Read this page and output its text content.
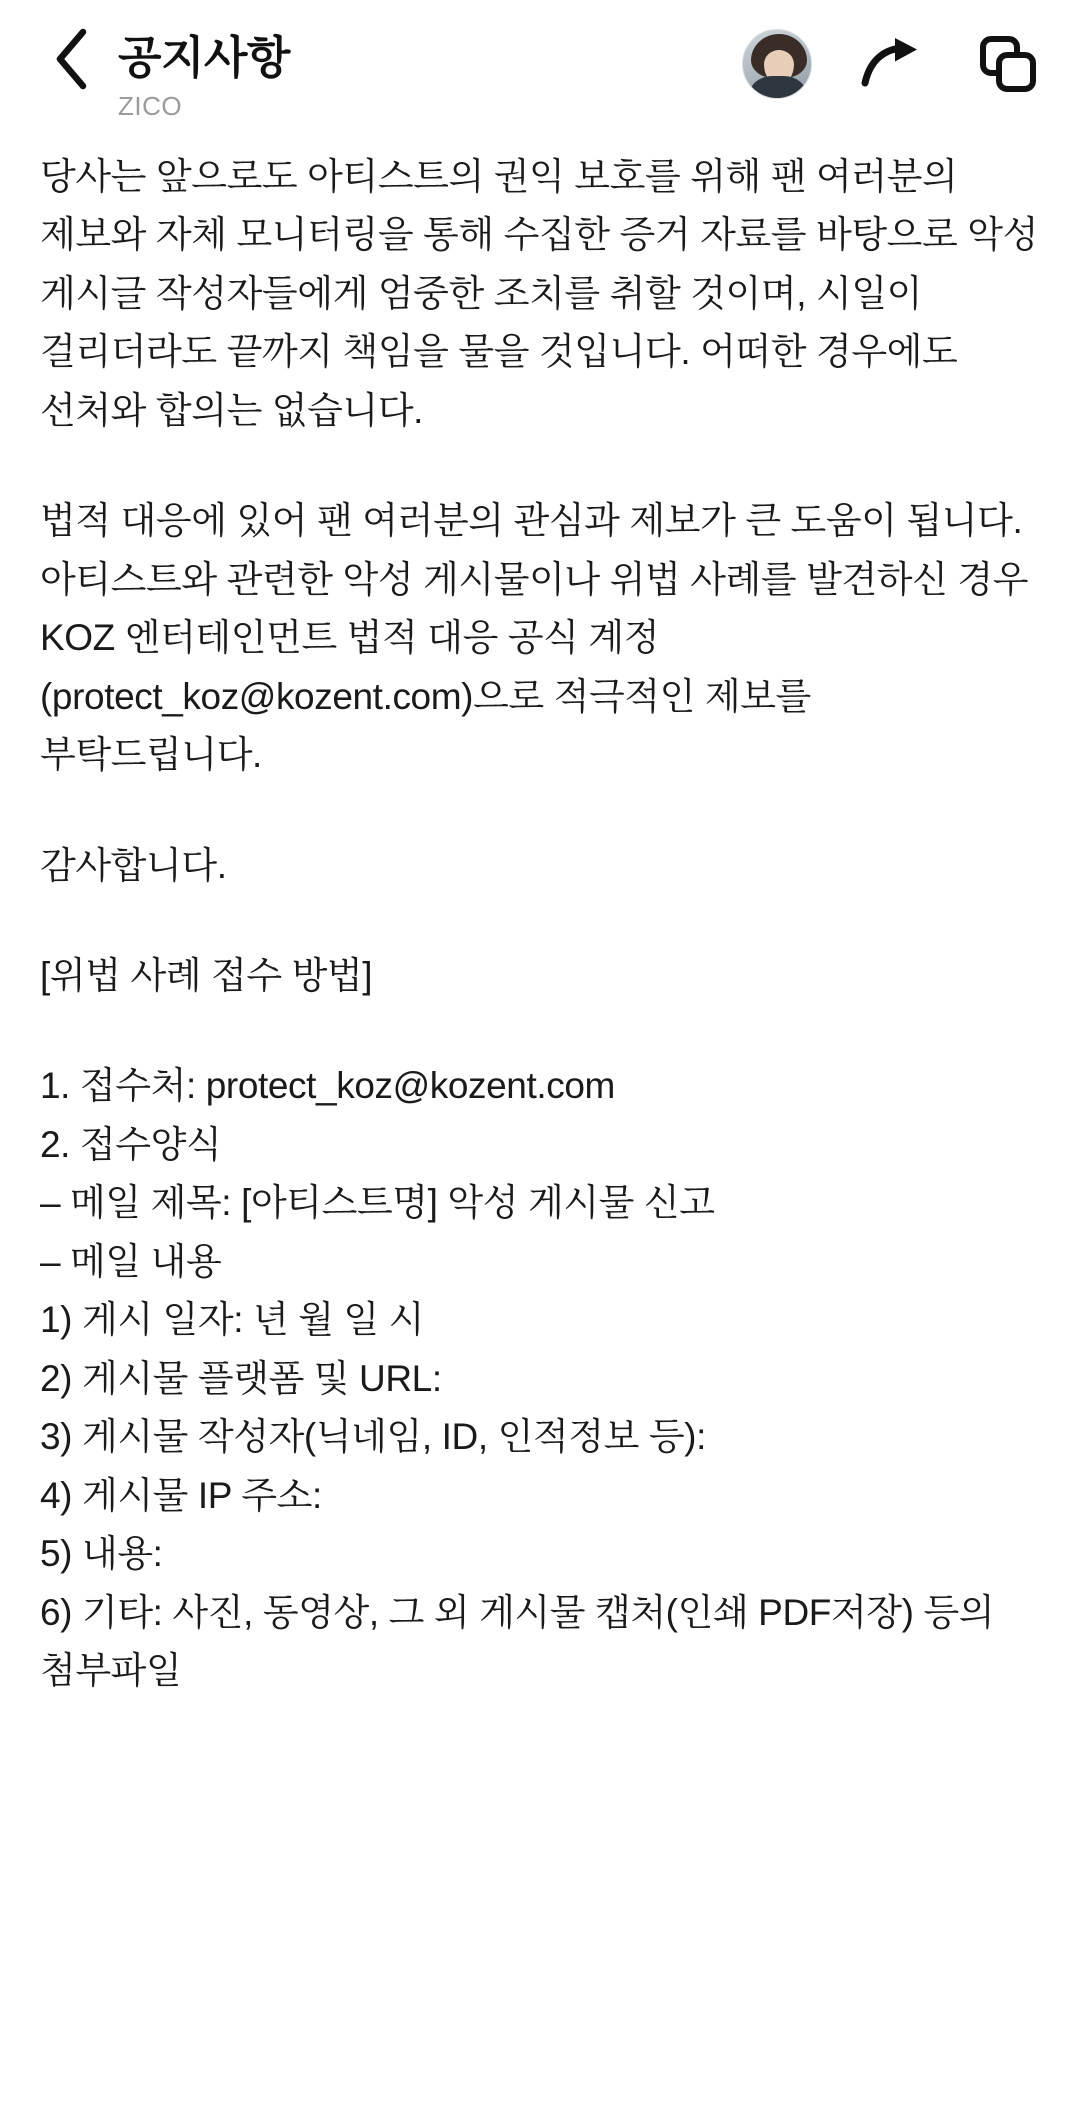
공지사항
ZICO

당사는 앞으로도 아티스트의 권익 보호를 위해 팬 여러분의 제보와 자체 모니터링을 통해 수집한 증거 자료를 바탕으로 악성 게시글 작성자들에게 엄중한 조치를 취할 것이며, 시일이 걸리더라도 끝까지 책임을 물을 것입니다. 어떠한 경우에도 선처와 합의는 없습니다.

법적 대응에 있어 팬 여러분의 관심과 제보가 큰 도움이 됩니다. 아티스트와 관련한 악성 게시물이나 위법 사례를 발견하신 경우 KOZ 엔터테인먼트 법적 대응 공식 계정(protect_koz@kozent.com)으로 적극적인 제보를 부탁드립니다.

감사합니다.

[위법 사례 접수 방법]
1. 접수처: protect_koz@kozent.com
2. 접수양식
– 메일 제목: [아티스트명] 악성 게시물 신고
– 메일 내용
1) 게시 일자: 년 월 일 시
2) 게시물 플랫폼 및 URL:
3) 게시물 작성자(닉네임, ID, 인적정보 등):
4) 게시물 IP 주소:
5) 내용:
6) 기타: 사진, 동영상, 그 외 게시물 캡처(인쇄 PDF저장) 등의 첨부파일
